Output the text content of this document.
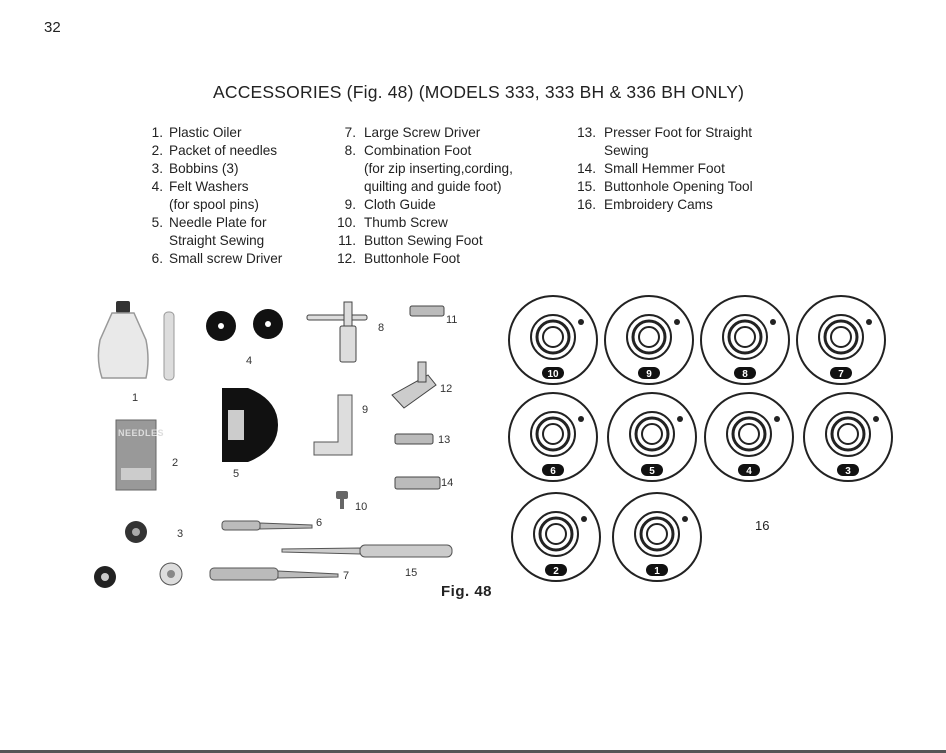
32
ACCESSORIES (Fig. 48) (MODELS 333, 333 BH & 336 BH ONLY)
1. Plastic Oiler
2. Packet of needles
3. Bobbins (3)
4. Felt Washers
(for spool pins)
5. Needle Plate for
Straight Sewing
6. Small screw Driver
7. Large Screw Driver
8. Combination Foot
(for zip inserting,cording,
quilting and guide foot)
9. Cloth Guide
10. Thumb Screw
11. Button Sewing Foot
12. Buttonhole Foot
13. Presser Foot for Straight
Sewing
14. Small Hemmer Foot
15. Buttonhole Opening Tool
16. Embroidery Cams
10	9	8	7
6	5	4	3
2	1
1
2
3
4
5
6
7
8
9
10
11
12
13
14
15
16
NEEDLES
Fig. 48
